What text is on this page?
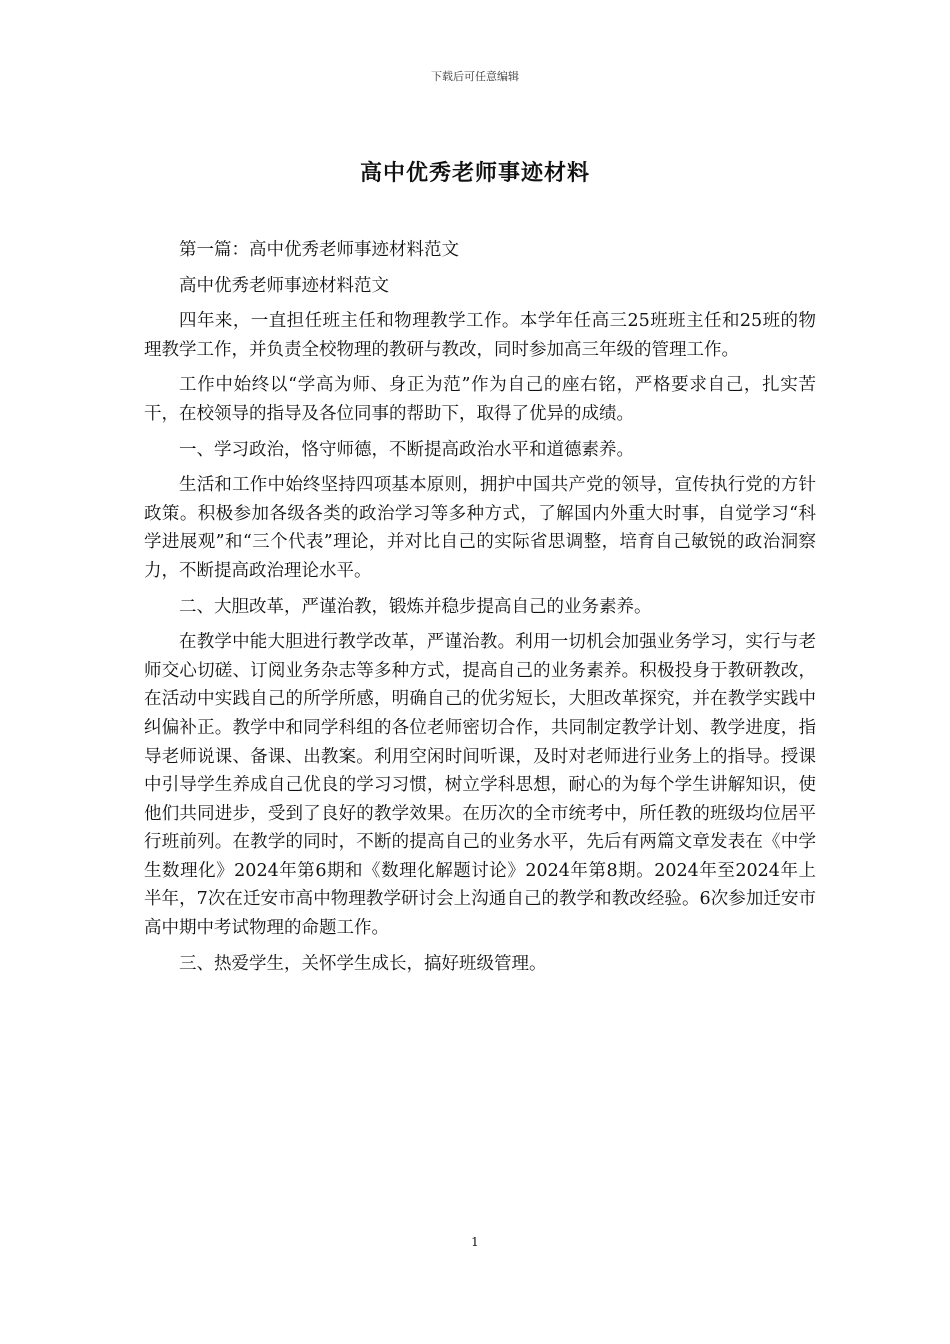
下载后可任意编辑
高中优秀老师事迹材料

第一篇：高中优秀老师事迹材料范文

高中优秀老师事迹材料范文

四年来，一直担任班主任和物理教学工作。本学年任高三25班班主任和25班的物理教学工作，并负责全校物理的教研与教改，同时参加高三年级的管理工作。

工作中始终以“学高为师、身正为范”作为自己的座右铭，严格要求自己，扎实苦干，在校领导的指导及各位同事的帮助下，取得了优异的成绩。

一、学习政治，恪守师德，不断提高政治水平和道德素养。

生活和工作中始终坚持四项基本原则，拥护中国共产党的领导，宣传执行党的方针政策。积极参加各级各类的政治学习等多种方式，了解国内外重大时事，自觉学习“科学进展观”和“三个代表”理论，并对比自己的实际省思调整，培育自己敏锐的政治洞察力，不断提高政治理论水平。

二、大胆改革，严谨治教，锻炼并稳步提高自己的业务素养。

在教学中能大胆进行教学改革，严谨治教。利用一切机会加强业务学习，实行与老师交心切磋、订阅业务杂志等多种方式，提高自己的业务素养。积极投身于教研教改，在活动中实践自己的所学所感，明确自己的优劣短长，大胆改革探究，并在教学实践中纠偏补正。教学中和同学科组的各位老师密切合作，共同制定教学计划、教学进度，指导老师说课、备课、出教案。利用空闲时间听课，及时对老师进行业务上的指导。授课中引导学生养成自己优良的学习习惯，树立学科思想，耐心的为每个学生讲解知识，使他们共同进步，受到了良好的教学效果。在历次的全市统考中，所任教的班级均位居平行班前列。在教学的同时，不断的提高自己的业务水平，先后有两篇文章发表在《中学生数理化》2024年第6期和《数理化解题讨论》2024年第8期。2024年至2024年上半年，7次在迁安市高中物理教学研讨会上沟通自己的教学和教改经验。6次参加迁安市高中期中考试物理的命题工作。

三、热爱学生，关怀学生成长，搞好班级管理。

1
